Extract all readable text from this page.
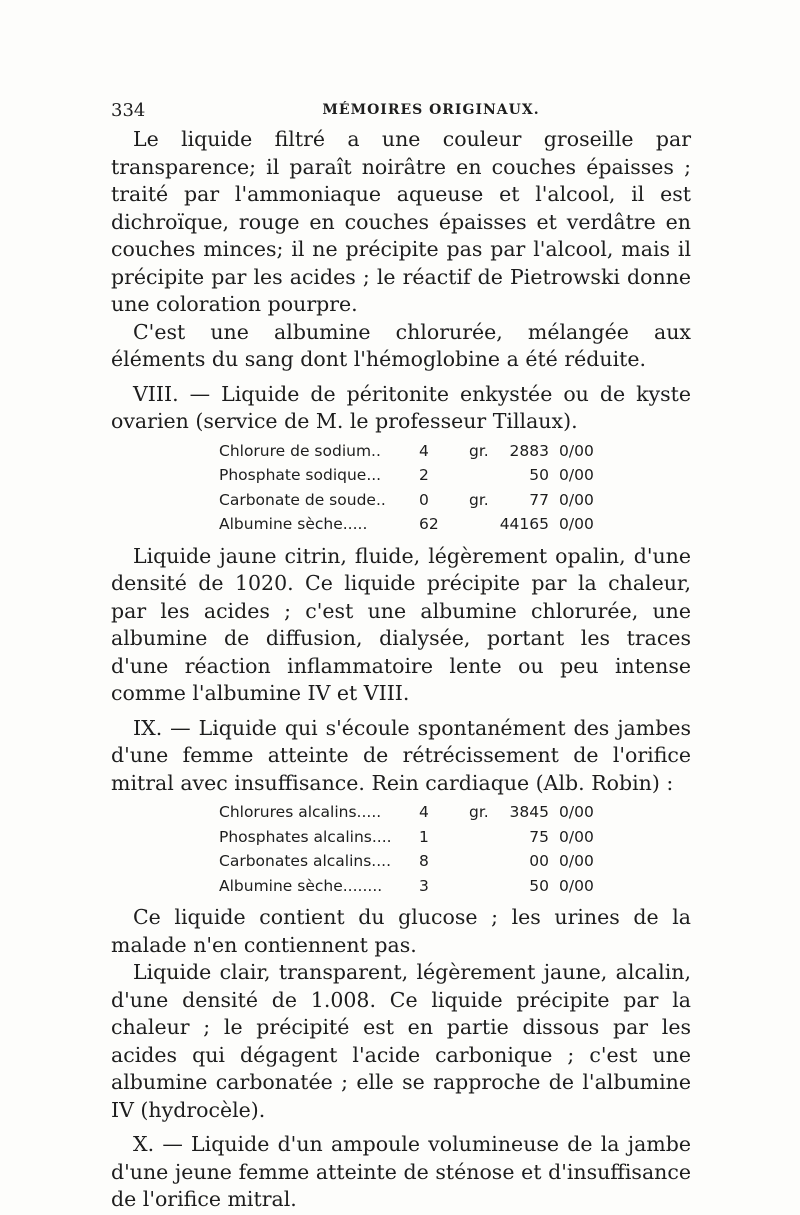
334	MÉMOIRES ORIGINAUX.

Le liquide filtré a une couleur groseille par transparence; il paraît noirâtre en couches épaisses ; traité par l'ammoniaque aqueuse et l'alcool, il est dichroïque, rouge en couches épaisses et verdâtre en couches minces; il ne précipite pas par l'alcool, mais il précipite par les acides ; le réactif de Pietrowski donne une coloration pourpre.

C'est une albumine chlorurée, mélangée aux éléments du sang dont l'hémoglobine a été réduite.

VIII. — Liquide de péritonite enkystée ou de kyste ovarien (service de M. le professeur Tillaux).

Chlorure de sodium..	4	gr.	2883	0/00
Phosphate sodique...	2		50	0/00
Carbonate de soude..	0	gr.	77	0/00
Albumine sèche.....	62		44165	0/00

Liquide jaune citrin, fluide, légèrement opalin, d'une densité de 1020. Ce liquide précipite par la chaleur, par les acides ; c'est une albumine chlorurée, une albumine de diffusion, dialysée, portant les traces d'une réaction inflammatoire lente ou peu intense comme l'albumine IV et VIII.

IX. — Liquide qui s'écoule spontanément des jambes d'une femme atteinte de rétrécissement de l'orifice mitral avec insuffisance. Rein cardiaque (Alb. Robin) :

Chlorures alcalins.....	4	gr.	3845	0/00
Phosphates alcalins....	1		75	0/00
Carbonates alcalins....	8		00	0/00
Albumine sèche........	3		50	0/00

Ce liquide contient du glucose ; les urines de la malade n'en contiennent pas.

Liquide clair, transparent, légèrement jaune, alcalin, d'une densité de 1.008. Ce liquide précipite par la chaleur ; le précipité est en partie dissous par les acides qui dégagent l'acide carbonique ; c'est une albumine carbonatée ; elle se rapproche de l'albumine IV (hydrocèle).

X. — Liquide d'un ampoule volumineuse de la jambe d'une jeune femme atteinte de sténose et d'insuffisance de l'orifice mitral.
